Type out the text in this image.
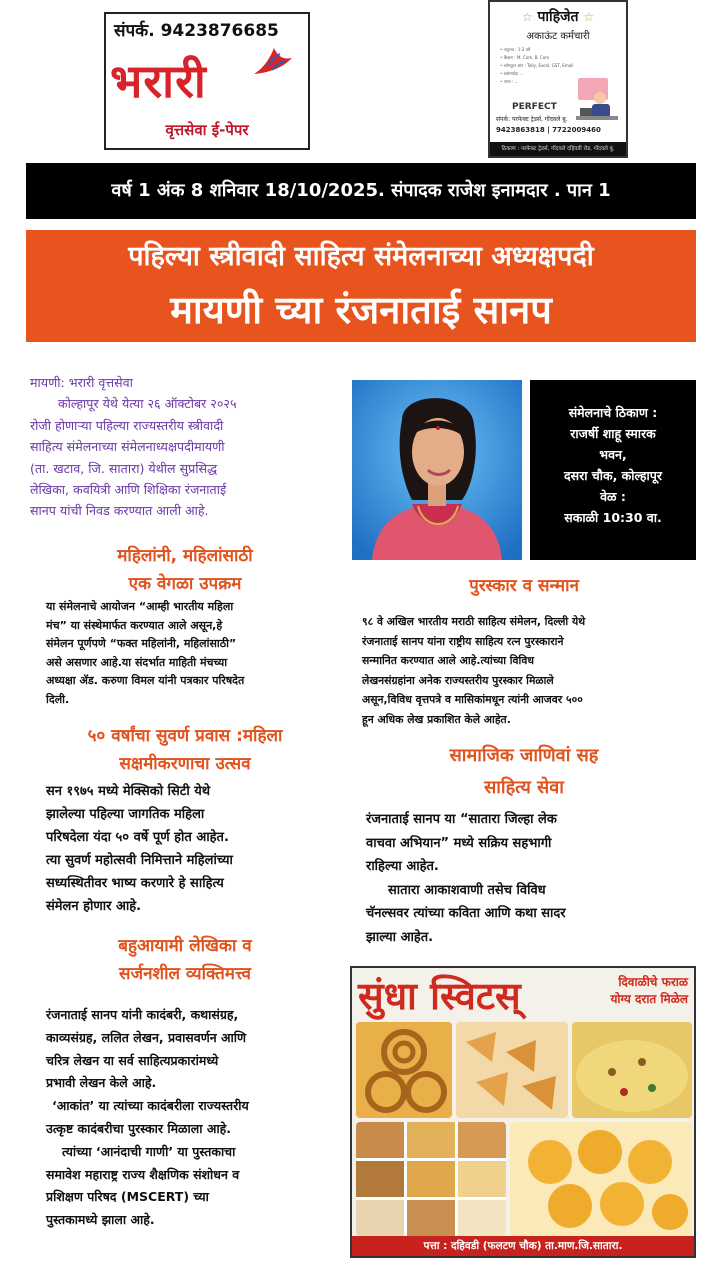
संपर्क. 9423876685
भरारी
वृत्तसेवा ई-पेपर
☆ पाहिजेत ☆
अकाऊंट कर्मचारी
• अनुभव : 1-2 वर्षे
• शिक्षण : M. Com, B. Com
• कॉम्प्युटर ज्ञान : Tally, Excel, GST, Email
• वयोमर्यादा ...
• पगार : ...
PERFECT
संपर्क: परफेक्ट ट्रेडर्स, गोंदवले बु.
9423863818 | 7722009460
ठिकाण : परफेक्ट ट्रेडर्स, गोंदवले दहिवडी रोड, गोंदवले बु.
वर्ष 1 अंक 8 शनिवार 18/10/2025. संपादक राजेश इनामदार . पान 1
पहिल्या स्त्रीवादी साहित्य संमेलनाच्या अध्यक्षपदी
मायणी च्या रंजनाताई सानप
मायणी: भरारी वृत्तसेवा
कोल्हापूर येथे येत्या २६ ऑक्टोबर २०२५
रोजी होणाऱ्या पहिल्या राज्यस्तरीय स्त्रीवादी
साहित्य संमेलनाच्या संमेलनाध्यक्षपदीमायणी
(ता. खटाव, जि. सातारा) येथील सुप्रसिद्ध
लेखिका, कवयित्री आणि शिक्षिका रंजनाताई
सानप यांची निवड करण्यात आली आहे.
संमेलनाचे ठिकाण :
राजर्षी शाहू स्मारक
भवन,
दसरा चौक, कोल्हापूर
वेळ :
सकाळी 10:30 वा.
महिलांनी, महिलांसाठी
एक वेगळा उपक्रम
या संमेलनाचे आयोजन “आम्ही भारतीय महिला
मंच” या संस्थेमार्फत करण्यात आले असून,हे
संमेलन पूर्णपणे “फक्त महिलांनी, महिलांसाठी”
असे असणार आहे.या संदर्भात माहिती मंचच्या
अध्यक्षा ॲड. करुणा विमल यांनी पत्रकार परिषदेत
दिली.
५० वर्षांचा सुवर्ण प्रवास :महिला
सक्षमीकरणाचा उत्सव
सन १९७५ मध्ये मेक्सिको सिटी येथे
झालेल्या पहिल्या जागतिक महिला
परिषदेला यंदा ५० वर्षे पूर्ण होत आहेत.
त्या सुवर्ण महोत्सवी निमित्ताने महिलांच्या
सध्यस्थितीवर भाष्य करणारे हे साहित्य
संमेलन होणार आहे.
बहुआयामी लेखिका व
सर्जनशील व्यक्तिमत्त्व
रंजनाताई सानप यांनी कादंबरी, कथासंग्रह,
काव्यसंग्रह, ललित लेखन, प्रवासवर्णन आणि
चरित्र लेखन या सर्व साहित्यप्रकारांमध्ये
प्रभावी लेखन केले आहे.
‘आकांत’ या त्यांच्या कादंबरीला राज्यस्तरीय
उत्कृष्ट कादंबरीचा पुरस्कार मिळाला आहे.
त्यांच्या ‘आनंदाची गाणी’ या पुस्तकाचा
समावेश महाराष्ट्र राज्य शैक्षणिक संशोधन व
प्रशिक्षण परिषद (MSCERT) च्या
पुस्तकामध्ये झाला आहे.
पुरस्कार व सन्मान
९८ वे अखिल भारतीय मराठी साहित्य संमेलन, दिल्ली येथे
रंजनाताई सानप यांना राष्ट्रीय साहित्य रत्न पुरस्काराने
सन्मानित करण्यात आले आहे.त्यांच्या विविध
लेखनसंग्रहांना अनेक राज्यस्तरीय पुरस्कार मिळाले
असून,विविध वृत्तपत्रे व मासिकांमधून त्यांनी आजवर ५००
हून अधिक लेख प्रकाशित केले आहेत.
सामाजिक जाणिवां सह
साहित्य सेवा
रंजनाताई सानप या “सातारा जिल्हा लेक
वाचवा अभियान” मध्ये सक्रिय सहभागी
राहिल्या आहेत.
सातारा आकाशवाणी तसेच विविध
चॅनल्सवर त्यांच्या कविता आणि कथा सादर
झाल्या आहेत.
सुंधा स्विटस्	दिवाळीचे फराळ
योग्य दरात मिळेल
पत्ता : दहिवडी (फलटण चौक) ता.माण.जि.सातारा.
